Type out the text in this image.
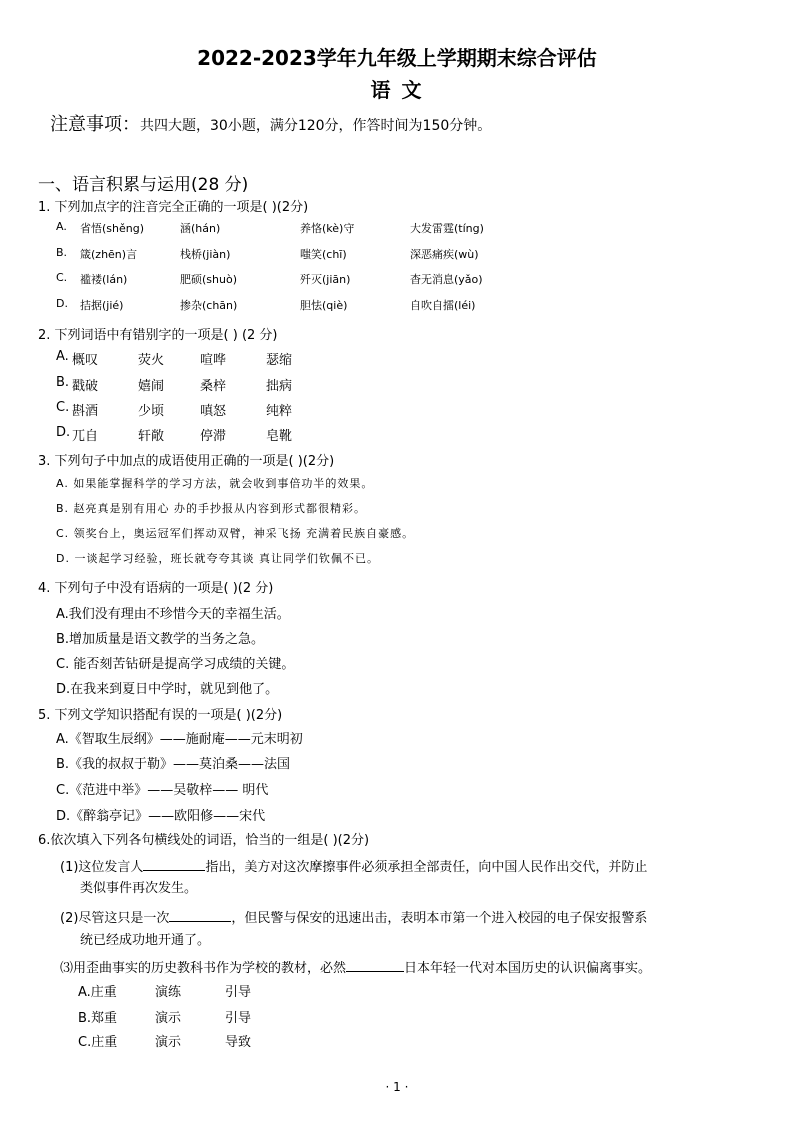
2022-2023学年九年级上学期期末综合评估
语 文
注意事项：共四大题，30小题，满分120分，作答时间为150分钟。
一、语言积累与运用(28 分)
1. 下列加点字的注音完全正确的一项是( )(2分)
A. 省悟(shěng)	涵(hán)	养恪(kè)守	大发雷霆(tíng)
B. 箴(zhēn)言	栈桥(jiàn)	嗤笑(chī)	深恶痛疾(wù)
C. 褴褛(lán)	肥硕(shuò)	歼灭(jiān)	杳无消息(yǎo)
D. 拮据(jié)	掺杂(chān)	胆怯(qiè)	自吹自擂(léi)
2. 下列词语中有错别字的一项是( ) (2 分)
A. 概叹	荧火	喧哗	瑟缩
B. 戳破	嬉闹	桑梓	拙病
C. 斟酒	少顷	嗔怒	纯粹
D. 兀自	轩敞	停滞	皂靴
3. 下列句子中加点的成语使用正确的一项是( )(2分)
A. 如果能掌握科学的学习方法，就会收到事倍功半的效果。
B. 赵亮真是别有用心 办的手抄报从内容到形式都很精彩。
C. 领奖台上，奥运冠军们挥动双臂，神采飞扬 充满着民族自豪感。
D. 一谈起学习经验，班长就夸夸其谈 真让同学们钦佩不已。
4. 下列句子中没有语病的一项是( )(2 分)
A.我们没有理由不珍惜今天的幸福生活。
B.增加质量是语文教学的当务之急。
C. 能否刻苦钻研是提高学习成绩的关键。
D.在我来到夏日中学时，就见到他了。
5. 下列文学知识搭配有误的一项是( )(2分)
A.《智取生辰纲》——施耐庵——元末明初
B.《我的叔叔于勒》——莫泊桑——法国
C.《范进中举》——吴敬梓—— 明代
D.《醉翁亭记》——欧阳修——宋代
6.依次填入下列各句横线处的词语，恰当的一组是( )(2分)
(1)这位发言人	指出，美方对这次摩擦事件必须承担全部责任，向中国人民作出交代，并防止
类似事件再次发生。
(2)尽管这只是一次	，但民警与保安的迅速出击，表明本市第一个进入校园的电子保安报警系
统已经成功地开通了。
⑶用歪曲事实的历史教科书作为学校的教材，必然	日本年轻一代对本国历史的认识偏离事实。
A.庄重	演练	引导
B.郑重	演示	引导
C.庄重	演示	导致
· 1 ·
